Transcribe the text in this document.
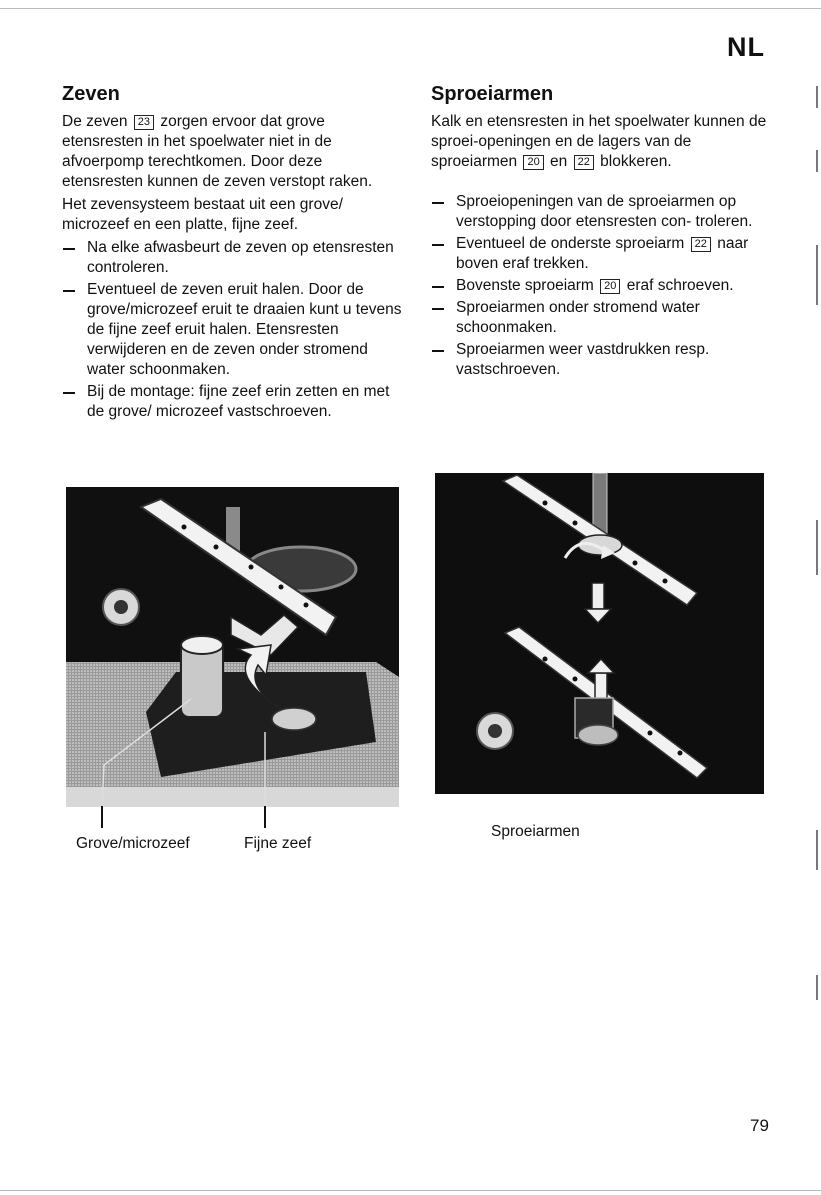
NL
Zeven

De zeven 23 zorgen ervoor dat grove etensresten in het spoelwater niet in de afvoerpomp terechtkomen. Door deze etensresten kunnen de zeven verstopt raken.

Het zevensysteem bestaat uit een grove/ microzeef en een platte, fijne zeef.

Na elke afwasbeurt de zeven op etensresten controleren.
Eventueel de zeven eruit halen. Door de grove/microzeef eruit te draaien kunt u tevens de fijne zeef eruit halen. Etensresten verwijderen en de zeven onder stromend water schoonmaken.
Bij de montage: fijne zeef erin zetten en met de grove/ microzeef vastschroeven.
Grove/microzeef	Fijne zeef
Sproeiarmen

Kalk en etensresten in het spoelwater kunnen de sproei-openingen en de lagers van de sproeiarmen 20 en 22 blokkeren.

Sproeiopeningen van de sproeiarmen op verstopping door etensresten con- troleren.
Eventueel de onderste sproeiarm 22 naar boven eraf trekken.
Bovenste sproeiarm 20 eraf schroeven.
Sproeiarmen onder stromend water schoonmaken.
Sproeiarmen weer vastdrukken resp. vastschroeven.
Sproeiarmen
79
